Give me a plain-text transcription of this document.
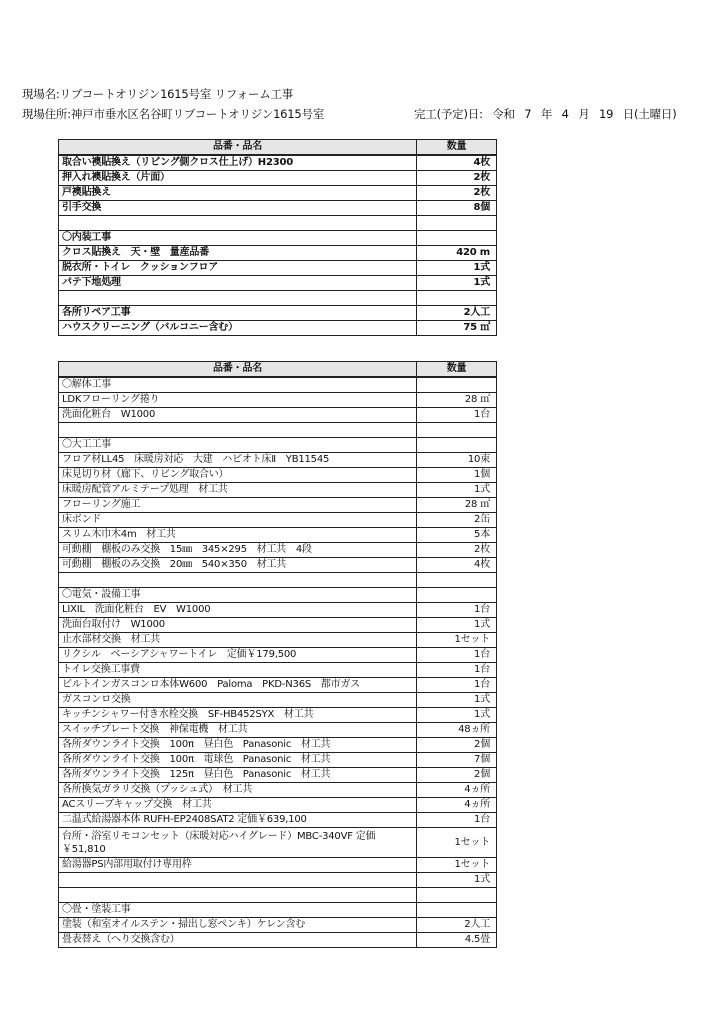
現場名:リブコートオリジン1615号室 リフォーム工事
現場住所:神戸市垂水区名谷町リブコートオリジン1615号室	完工(予定)日: 令和 7 年 4 月 19 日(土曜日)
品番・品名	数量
取合い襖貼換え（リビング側クロス仕上げ）H2300	4枚
押入れ襖貼換え（片面）	2枚
戸襖貼換え	2枚
引手交換	8個

〇内装工事	
クロス貼換え　天・壁　量産品番	420 m
脱衣所・トイレ　クッションフロア	1式
パテ下地処理	1式

各所リペア工事	2人工
ハウスクリーニング（バルコニー含む）	75 ㎡
品番・品名	数量
〇解体工事	
LDKフローリング捲り	28 ㎡
洗面化粧台　W1000	1台

〇大工工事	
フロア材LL45　床暖房対応　大建　ハピオト床Ⅱ　YB11545	10束
床見切り材（廊下、リビング取合い）	1個
床暖房配管アルミテープ処理　材工共	1式
フローリング施工	28 ㎡
床ボンド	2缶
スリム木巾木4m　材工共	5本
可動棚　棚板のみ交換　15㎜　345×295　材工共　4段	2枚
可動棚　棚板のみ交換　20㎜　540×350　材工共	4枚

〇電気・設備工事	
LIXIL　洗面化粧台　EV　W1000	1台
洗面台取付け　W1000	1式
止水部材交換　材工共	1セット
リクシル　ベーシアシャワートイレ　定価￥179,500	1台
トイレ交換工事費	1台
ビルトインガスコンロ本体W600　Paloma　PKD-N36S　都市ガス	1台
ガスコンロ交換	1式
キッチンシャワー付き水栓交換　SF-HB452SYX　材工共	1式
スイッチプレート交換　神保電機　材工共	48ヵ所
各所ダウンライト交換　100π　昼白色　Panasonic　材工共	2個
各所ダウンライト交換　100π　電球色　Panasonic　材工共	7個
各所ダウンライト交換　125π　昼白色　Panasonic　材工共	2個
各所換気ガラリ交換（プッシュ式）　材工共	4ヵ所
ACスリーブキャップ交換　材工共	4ヵ所
二温式給湯器本体 RUFH-EP2408SAT2 定価￥639,100	1台
台所・浴室リモコンセット（床暖対応ハイグレード）MBC-340VF 定価￥51,810	1セット
給湯器PS内部用取付け専用枠	1セット
	1式

〇畳・塗装工事	
塗装（和室オイルステン・掃出し窓ペンキ）ケレン含む	2人工
畳表替え（へり交換含む）	4.5畳
